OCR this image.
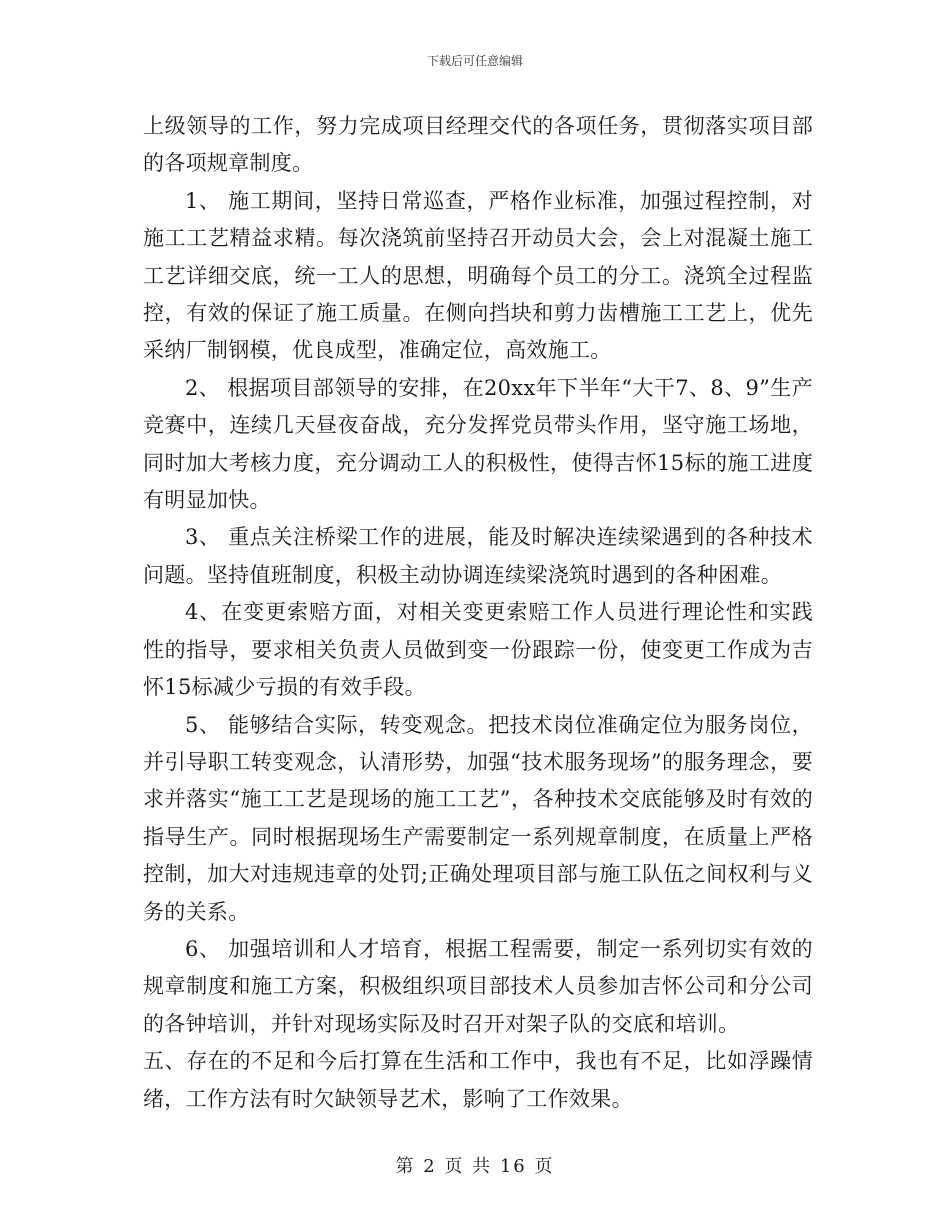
下载后可任意编辑

上级领导的工作，努力完成项目经理交代的各项任务，贯彻落实项目部的各项规章制度。

1、 施工期间，坚持日常巡查，严格作业标准，加强过程控制，对施工工艺精益求精。每次浇筑前坚持召开动员大会，会上对混凝土施工工艺详细交底，统一工人的思想，明确每个员工的分工。浇筑全过程监控，有效的保证了施工质量。在侧向挡块和剪力齿槽施工工艺上，优先采纳厂制钢模，优良成型，准确定位，高效施工。

2、 根据项目部领导的安排，在20xx年下半年“大干7、8、9”生产竞赛中，连续几天昼夜奋战，充分发挥党员带头作用，坚守施工场地，同时加大考核力度，充分调动工人的积极性，使得吉怀15标的施工进度有明显加快。

3、 重点关注桥梁工作的进展，能及时解决连续梁遇到的各种技术问题。坚持值班制度，积极主动协调连续梁浇筑时遇到的各种困难。

4、在变更索赔方面，对相关变更索赔工作人员进行理论性和实践性的指导，要求相关负责人员做到变一份跟踪一份，使变更工作成为吉怀15标减少亏损的有效手段。

5、 能够结合实际，转变观念。把技术岗位准确定位为服务岗位，并引导职工转变观念，认清形势，加强“技术服务现场”的服务理念，要求并落实“施工工艺是现场的施工工艺”，各种技术交底能够及时有效的指导生产。同时根据现场生产需要制定一系列规章制度，在质量上严格控制，加大对违规违章的处罚;正确处理项目部与施工队伍之间权利与义务的关系。

6、 加强培训和人才培育，根据工程需要，制定一系列切实有效的规章制度和施工方案，积极组织项目部技术人员参加吉怀公司和分公司的各钟培训，并针对现场实际及时召开对架子队的交底和培训。

五、存在的不足和今后打算在生活和工作中，我也有不足，比如浮躁情绪，工作方法有时欠缺领导艺术，影响了工作效果。

第 2 页 共 16 页
